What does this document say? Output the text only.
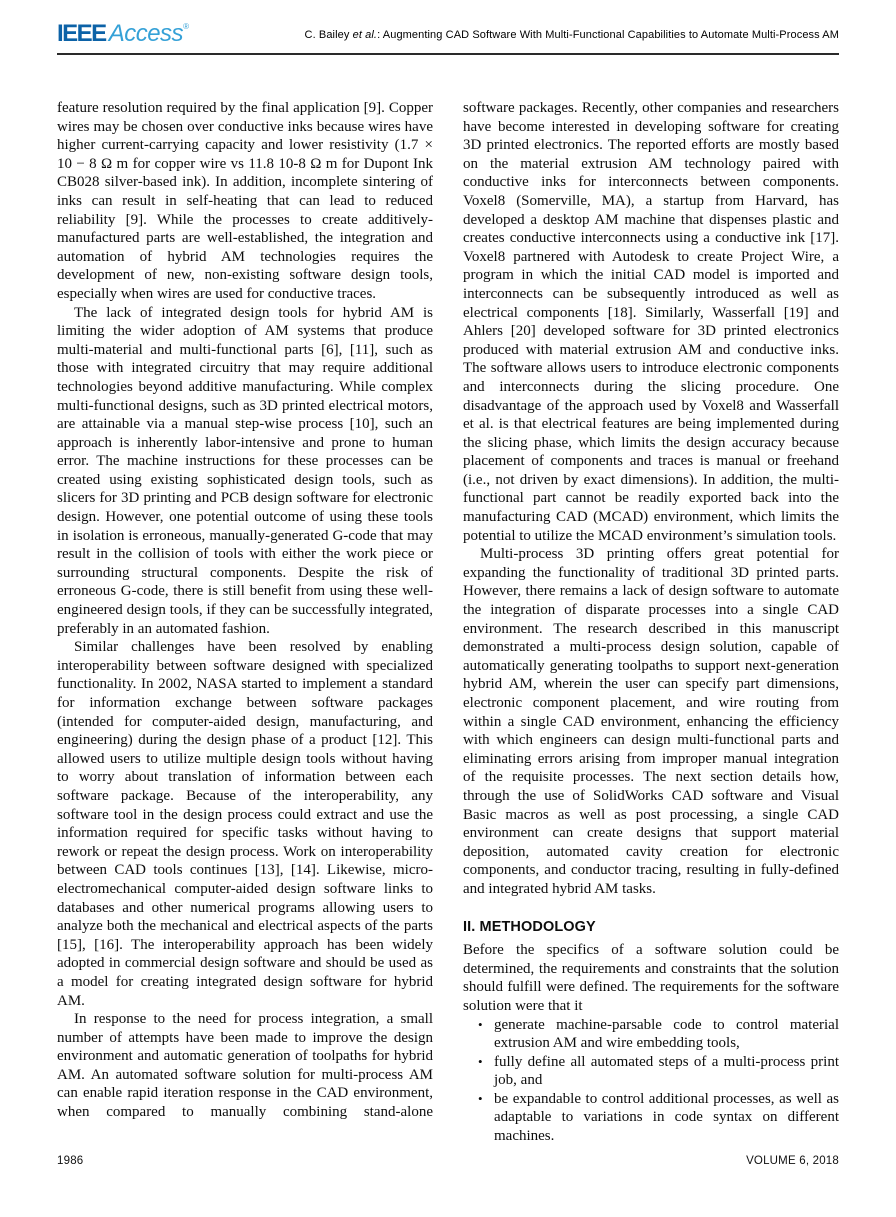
IEEE Access®
C. Bailey et al.: Augmenting CAD Software With Multi-Functional Capabilities to Automate Multi-Process AM

feature resolution required by the final application [9]. Copper wires may be chosen over conductive inks because wires have higher current-carrying capacity and lower resistivity (1.7 × 10 − 8 Ω m for copper wire vs 11.8 10-8 Ω m for Dupont Ink CB028 silver-based ink). In addition, incomplete sintering of inks can result in self-heating that can lead to reduced reliability [9]. While the processes to create additively-manufactured parts are well-established, the integration and automation of hybrid AM technologies requires the development of new, non-existing software design tools, especially when wires are used for conductive traces.

The lack of integrated design tools for hybrid AM is limiting the wider adoption of AM systems that produce multi-material and multi-functional parts [6], [11], such as those with integrated circuitry that may require additional technologies beyond additive manufacturing. While complex multi-functional designs, such as 3D printed electrical motors, are attainable via a manual step-wise process [10], such an approach is inherently labor-intensive and prone to human error. The machine instructions for these processes can be created using existing sophisticated design tools, such as slicers for 3D printing and PCB design software for electronic design. However, one potential outcome of using these tools in isolation is erroneous, manually-generated G-code that may result in the collision of tools with either the work piece or surrounding structural components. Despite the risk of erroneous G-code, there is still benefit from using these well-engineered design tools, if they can be successfully integrated, preferably in an automated fashion.

Similar challenges have been resolved by enabling interoperability between software designed with specialized functionality. In 2002, NASA started to implement a standard for information exchange between software packages (intended for computer-aided design, manufacturing, and engineering) during the design phase of a product [12]. This allowed users to utilize multiple design tools without having to worry about translation of information between each software package. Because of the interoperability, any software tool in the design process could extract and use the information required for specific tasks without having to rework or repeat the design process. Work on interoperability between CAD tools continues [13], [14]. Likewise, micro-electromechanical computer-aided design software links to databases and other numerical programs allowing users to analyze both the mechanical and electrical aspects of the parts [15], [16]. The interoperability approach has been widely adopted in commercial design software and should be used as a model for creating integrated design software for hybrid AM.

In response to the need for process integration, a small number of attempts have been made to improve the design environment and automatic generation of toolpaths for hybrid AM. An automated software solution for multi-process AM can enable rapid iteration response in the CAD environment, when compared to manually combining stand-alone

software packages. Recently, other companies and researchers have become interested in developing software for creating 3D printed electronics. The reported efforts are mostly based on the material extrusion AM technology paired with conductive inks for interconnects between components. Voxel8 (Somerville, MA), a startup from Harvard, has developed a desktop AM machine that dispenses plastic and creates conductive interconnects using a conductive ink [17]. Voxel8 partnered with Autodesk to create Project Wire, a program in which the initial CAD model is imported and interconnects can be subsequently introduced as well as electrical components [18]. Similarly, Wasserfall [19] and Ahlers [20] developed software for 3D printed electronics produced with material extrusion AM and conductive inks. The software allows users to introduce electronic components and interconnects during the slicing procedure. One disadvantage of the approach used by Voxel8 and Wasserfall et al. is that electrical features are being implemented during the slicing phase, which limits the design accuracy because placement of components and traces is manual or freehand (i.e., not driven by exact dimensions). In addition, the multi-functional part cannot be readily exported back into the manufacturing CAD (MCAD) environment, which limits the potential to utilize the MCAD environment’s simulation tools.

Multi-process 3D printing offers great potential for expanding the functionality of traditional 3D printed parts. However, there remains a lack of design software to automate the integration of disparate processes into a single CAD environment. The research described in this manuscript demonstrated a multi-process design solution, capable of automatically generating toolpaths to support next-generation hybrid AM, wherein the user can specify part dimensions, electronic component placement, and wire routing from within a single CAD environment, enhancing the efficiency with which engineers can design multi-functional parts and eliminating errors arising from improper manual integration of the requisite processes. The next section details how, through the use of SolidWorks CAD software and Visual Basic macros as well as post processing, a single CAD environment can create designs that support material deposition, automated cavity creation for electronic components, and conductor tracing, resulting in fully-defined and integrated hybrid AM tasks.

II. METHODOLOGY

Before the specifics of a software solution could be determined, the requirements and constraints that the solution should fulfill were defined. The requirements for the software solution were that it

• generate machine-parsable code to control material extrusion AM and wire embedding tools,
• fully define all automated steps of a multi-process print job, and
• be expandable to control additional processes, as well as adaptable to variations in code syntax on different machines.
1986	VOLUME 6, 2018
